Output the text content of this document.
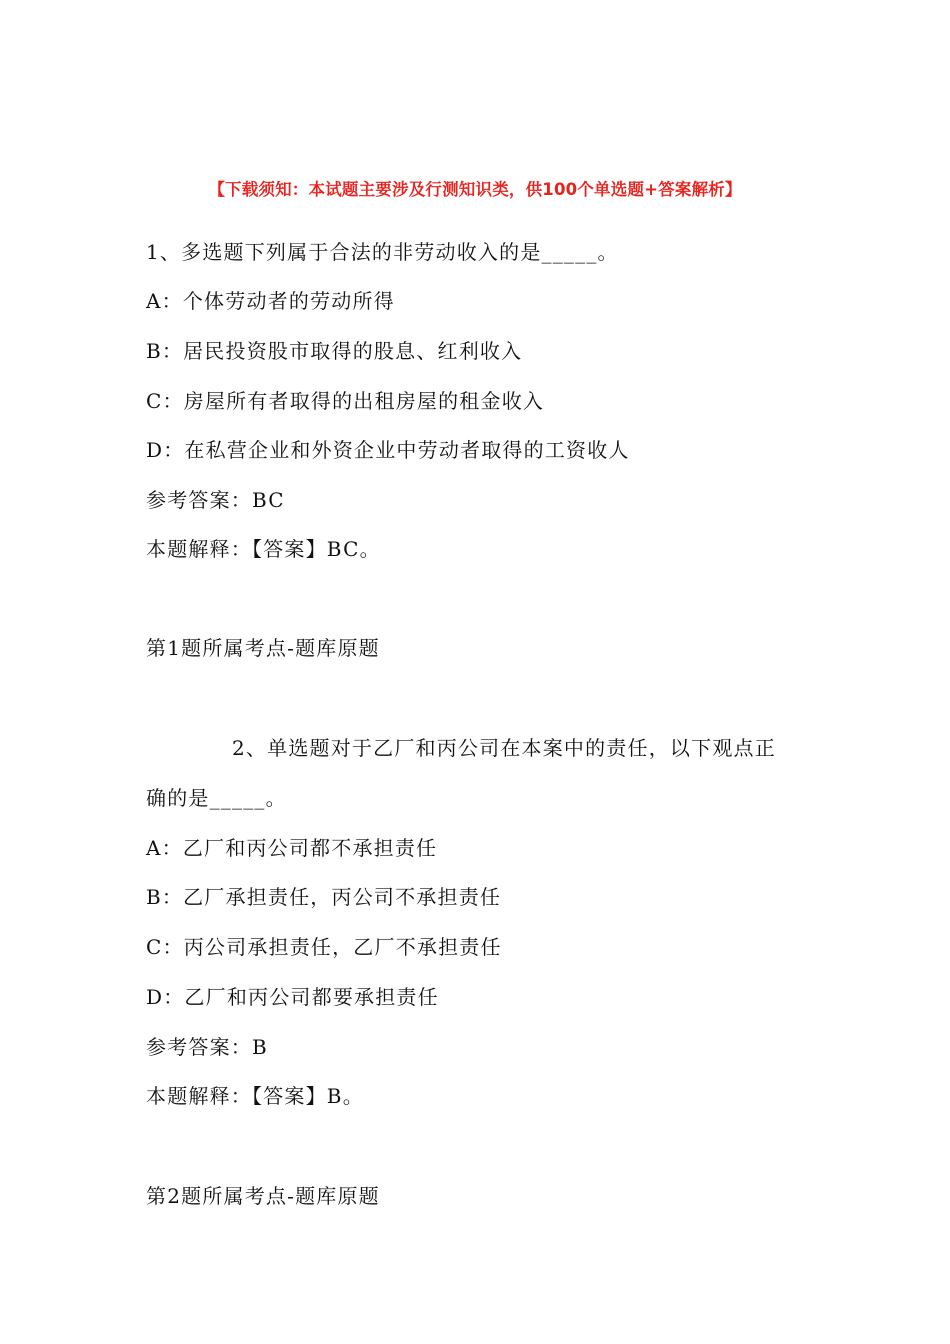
【下载须知：本试题主要涉及行测知识类，供100个单选题+答案解析】
1、多选题下列属于合法的非劳动收入的是_____。
A：个体劳动者的劳动所得
B：居民投资股市取得的股息、红利收入
C：房屋所有者取得的出租房屋的租金收入
D：在私营企业和外资企业中劳动者取得的工资收人
参考答案：BC
本题解释：【答案】BC。
第1题所属考点-题库原题
2、单选题对于乙厂和丙公司在本案中的责任，以下观点正
确的是_____。
A：乙厂和丙公司都不承担责任
B：乙厂承担责任，丙公司不承担责任
C：丙公司承担责任，乙厂不承担责任
D：乙厂和丙公司都要承担责任
参考答案：B
本题解释：【答案】B。
第2题所属考点-题库原题
